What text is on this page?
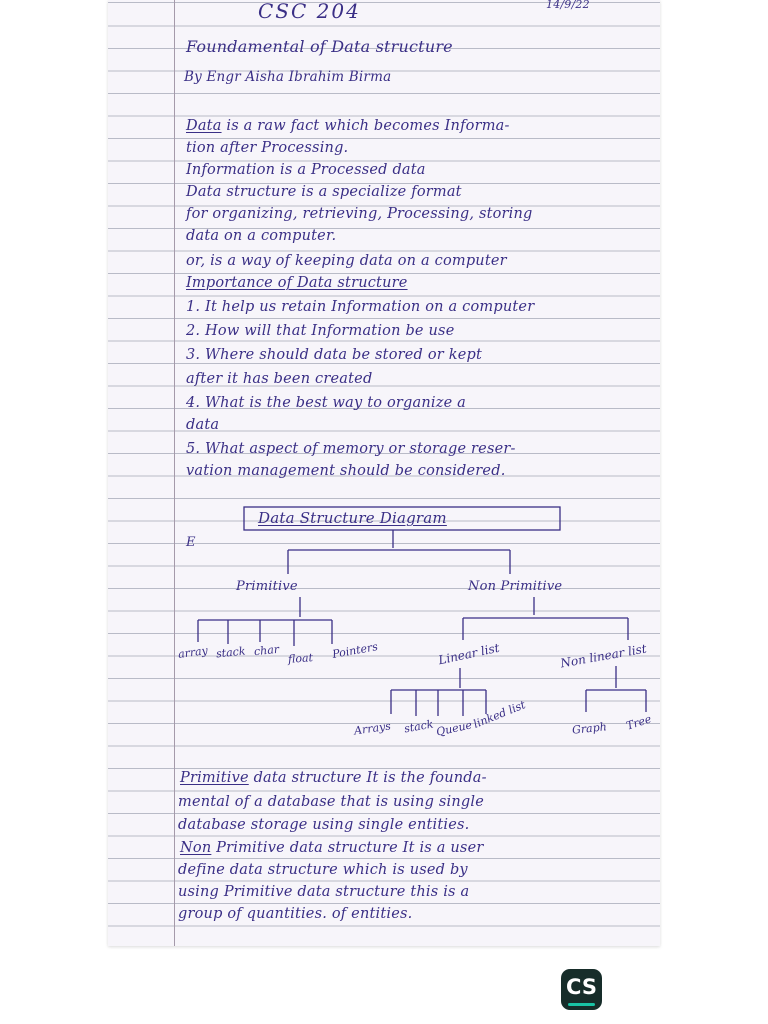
CSC 204	14/9/22

Foundamental of Data structure

By Engr Aisha Ibrahim Birma

Data is a raw fact which becomes Informa-

tion after Processing.

Information is a Processed data

Data structure is a specialize format

for organizing, retrieving, Processing, storing

data on a computer.

or, is a way of keeping data on a computer

Importance of Data structure

1. It help us retain Information on a computer

2. How will that Information be use

3. Where should data be stored or kept

after it has been created

4. What is the best way to organize a

data

5. What aspect of memory or storage reser-

vation management should be considered.

Data Structure Diagram

E

Primitive	Non Primitive

array stack char

float Pointers	Linear list	Non linear list

Arrays stack Queue

linked list	Graph Tree

Primitive data structure It is the founda-

mental of a database that is using single

database storage using single entities.

Non Primitive data structure It is a user

define data structure which is used by

using Primitive data structure this is a

group of quantities. of entities.

CS
